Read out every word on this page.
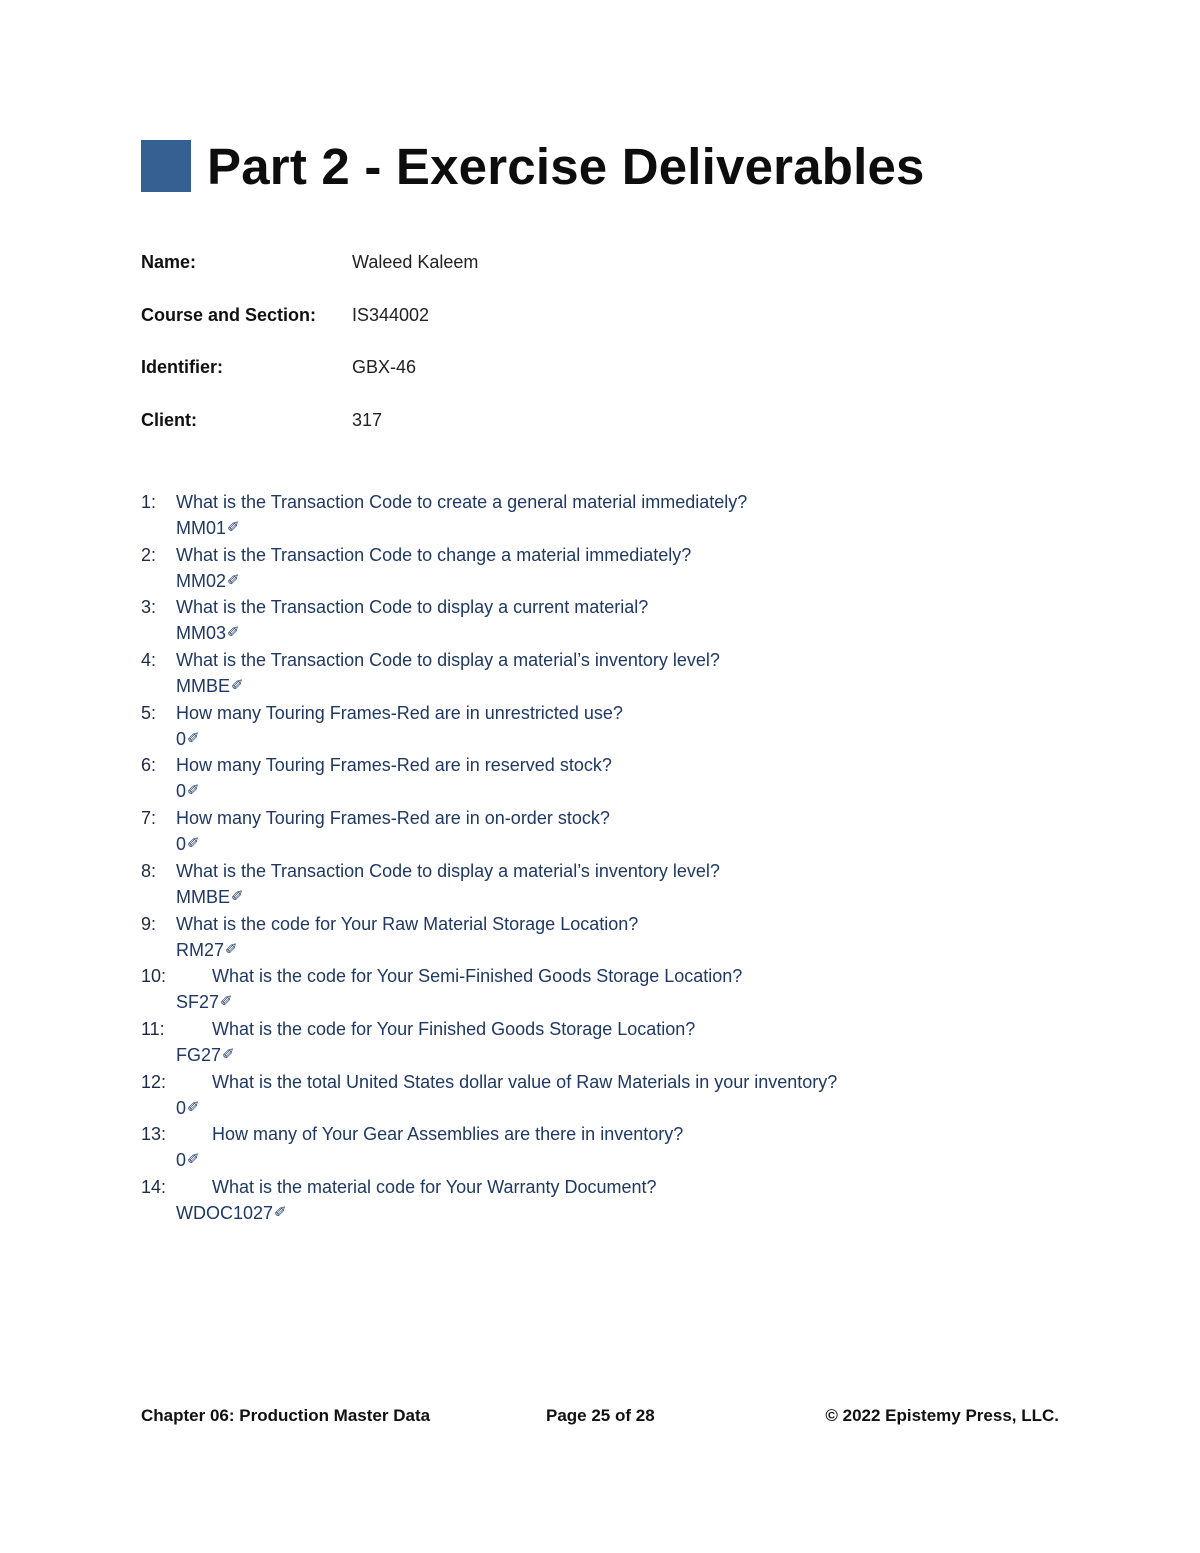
Part 2 - Exercise Deliverables
Name:	Waleed Kaleem
Course and Section:	IS344002
Identifier:	GBX-46
Client:	317
1:	What is the Transaction Code to create a general material immediately?
MM01 ✐
2:	What is the Transaction Code to change a material immediately?
MM02 ✐
3:	What is the Transaction Code to display a current material?
MM03 ✐
4:	What is the Transaction Code to display a material’s inventory level?
MMBE ✐
5:	How many Touring Frames-Red are in unrestricted use?
0 ✐
6:	How many Touring Frames-Red are in reserved stock?
0 ✐
7:	How many Touring Frames-Red are in on-order stock?
0 ✐
8:	What is the Transaction Code to display a material’s inventory level?
MMBE ✐
9:	What is the code for Your Raw Material Storage Location?
RM27 ✐
10:	What is the code for Your Semi-Finished Goods Storage Location?
SF27 ✐
11:	What is the code for Your Finished Goods Storage Location?
FG27 ✐
12:	What is the total United States dollar value of Raw Materials in your inventory?
0 ✐
13:	How many of Your Gear Assemblies are there in inventory?
0 ✐
14:	What is the material code for Your Warranty Document?
WDOC1027 ✐
Chapter 06: Production Master Data	Page 25 of 28	© 2022 Epistemy Press, LLC.
